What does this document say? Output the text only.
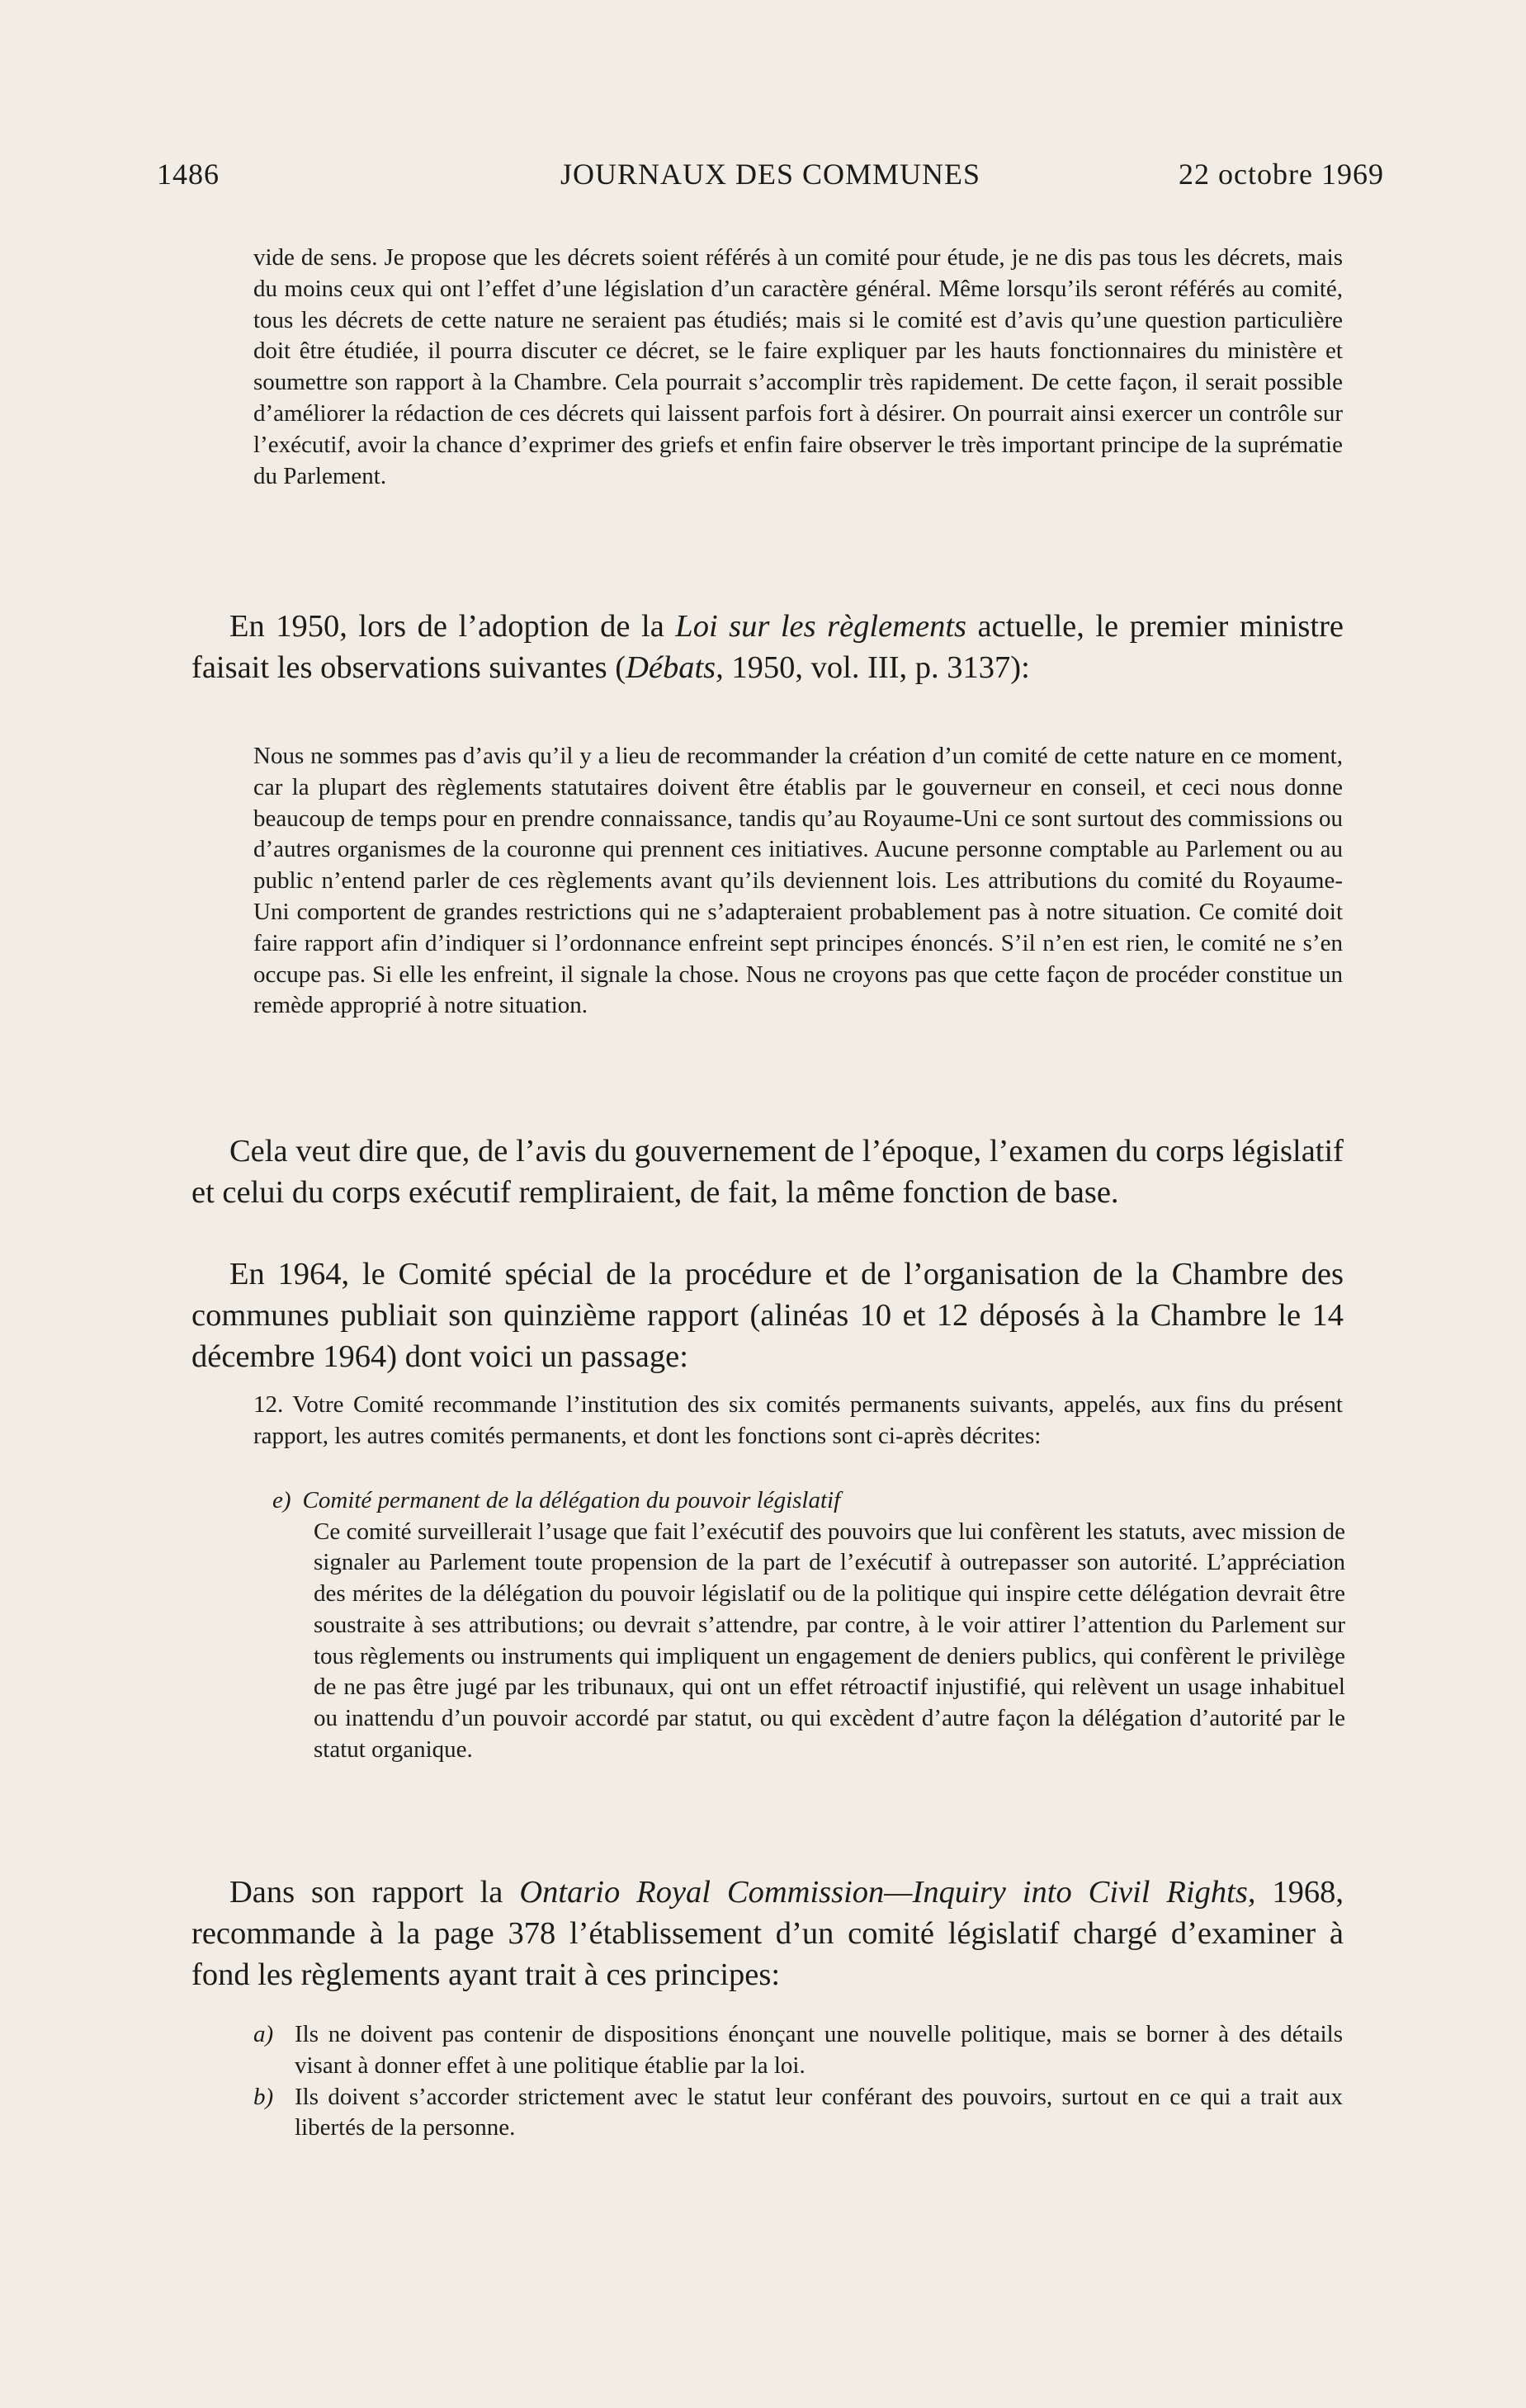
1486	JOURNAUX DES COMMUNES	22 octobre 1969

vide de sens. Je propose que les décrets soient référés à un comité pour étude, je ne dis pas tous les décrets, mais du moins ceux qui ont l’effet d’une législation d’un caractère général. Même lorsqu’ils seront référés au comité, tous les décrets de cette nature ne seraient pas étudiés; mais si le comité est d’avis qu’une question particulière doit être étudiée, il pourra discuter ce décret, se le faire expliquer par les hauts fonctionnaires du ministère et soumettre son rapport à la Chambre. Cela pourrait s’accomplir très rapidement. De cette façon, il serait possible d’améliorer la rédaction de ces décrets qui laissent parfois fort à désirer. On pourrait ainsi exercer un contrôle sur l’exécutif, avoir la chance d’exprimer des griefs et enfin faire observer le très important principe de la suprématie du Parlement.

En 1950, lors de l’adoption de la Loi sur les règlements actuelle, le premier ministre faisait les observations suivantes (Débats, 1950, vol. III, p. 3137):

Nous ne sommes pas d’avis qu’il y a lieu de recommander la création d’un comité de cette nature en ce moment, car la plupart des règlements statutaires doivent être établis par le gouverneur en conseil, et ceci nous donne beaucoup de temps pour en prendre connaissance, tandis qu’au Royaume-Uni ce sont surtout des commissions ou d’autres organismes de la couronne qui prennent ces initiatives. Aucune personne comptable au Parlement ou au public n’entend parler de ces règlements avant qu’ils deviennent lois. Les attributions du comité du Royaume-Uni comportent de grandes restrictions qui ne s’adapteraient probablement pas à notre situation. Ce comité doit faire rapport afin d’indiquer si l’ordonnance enfreint sept principes énoncés. S’il n’en est rien, le comité ne s’en occupe pas. Si elle les enfreint, il signale la chose. Nous ne croyons pas que cette façon de procéder constitue un remède approprié à notre situation.

Cela veut dire que, de l’avis du gouvernement de l’époque, l’examen du corps législatif et celui du corps exécutif rempliraient, de fait, la même fonction de base.

En 1964, le Comité spécial de la procédure et de l’organisation de la Chambre des communes publiait son quinzième rapport (alinéas 10 et 12 déposés à la Chambre le 14 décembre 1964) dont voici un passage:

12. Votre Comité recommande l’institution des six comités permanents suivants, appelés, aux fins du présent rapport, les autres comités permanents, et dont les fonctions sont ci-après décrites:

e) Comité permanent de la délégation du pouvoir législatif

Ce comité surveillerait l’usage que fait l’exécutif des pouvoirs que lui confèrent les statuts, avec mission de signaler au Parlement toute propension de la part de l’exécutif à outrepasser son autorité. L’appréciation des mérites de la délégation du pouvoir législatif ou de la politique qui inspire cette délégation devrait être soustraite à ses attributions; ou devrait s’attendre, par contre, à le voir attirer l’attention du Parlement sur tous règlements ou instruments qui impliquent un engagement de deniers publics, qui confèrent le privilège de ne pas être jugé par les tribunaux, qui ont un effet rétroactif injustifié, qui relèvent un usage inhabituel ou inattendu d’un pouvoir accordé par statut, ou qui excèdent d’autre façon la délégation d’autorité par le statut organique.

Dans son rapport la Ontario Royal Commission—Inquiry into Civil Rights, 1968, recommande à la page 378 l’établissement d’un comité législatif chargé d’examiner à fond les règlements ayant trait à ces principes:

a) Ils ne doivent pas contenir de dispositions énonçant une nouvelle politique, mais se borner à des détails visant à donner effet à une politique établie par la loi.
b) Ils doivent s’accorder strictement avec le statut leur conférant des pouvoirs, surtout en ce qui a trait aux libertés de la personne.
